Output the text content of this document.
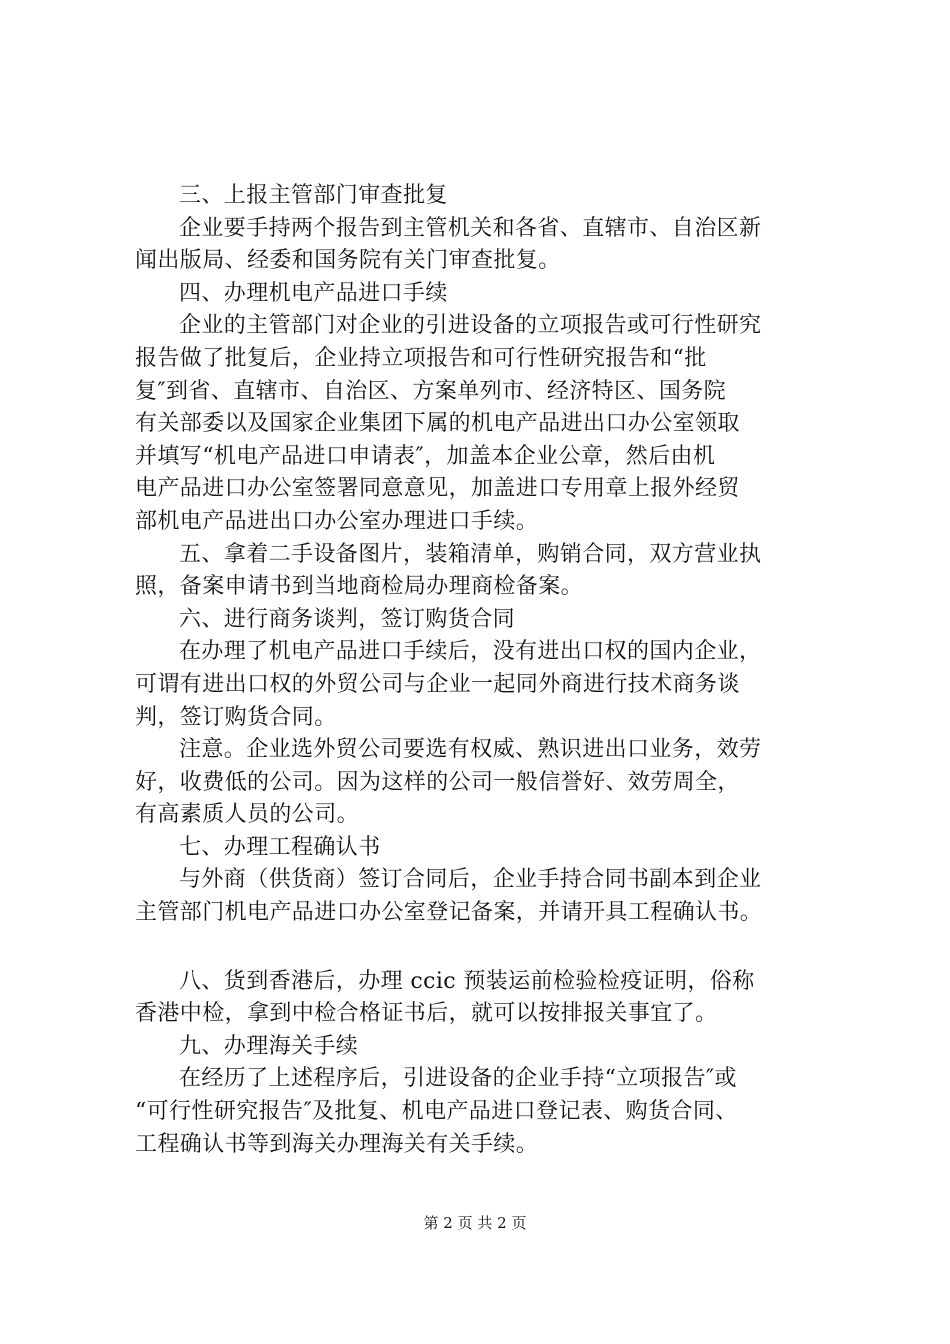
三、上报主管部门审查批复
企业要手持两个报告到主管机关和各省、直辖市、自治区新
闻出版局、经委和国务院有关门审查批复。
四、办理机电产品进口手续
企业的主管部门对企业的引进设备的立项报告或可行性研究
报告做了批复后，企业持立项报告和可行性研究报告和“批
复″到省、直辖市、自治区、方案单列市、经济特区、国务院
有关部委以及国家企业集团下属的机电产品进出口办公室领取
并填写“机电产品进口申请表″，加盖本企业公章，然后由机
电产品进口办公室签署同意意见，加盖进口专用章上报外经贸
部机电产品进出口办公室办理进口手续。
五、拿着二手设备图片，装箱清单，购销合同，双方营业执
照，备案申请书到当地商检局办理商检备案。
六、进行商务谈判，签订购货合同
在办理了机电产品进口手续后，没有进出口权的国内企业，
可谓有进出口权的外贸公司与企业一起同外商进行技术商务谈
判，签订购货合同。
注意。企业选外贸公司要选有权威、熟识进出口业务，效劳
好，收费低的公司。因为这样的公司一般信誉好、效劳周全，
有高素质人员的公司。
七、办理工程确认书
与外商（供货商）签订合同后，企业手持合同书副本到企业
主管部门机电产品进口办公室登记备案，并请开具工程确认书。
八、货到香港后，办理 ccic 预装运前检验检疫证明，俗称
香港中检，拿到中检合格证书后，就可以按排报关事宜了。
九、办理海关手续
在经历了上述程序后，引进设备的企业手持“立项报告″或
“可行性研究报告″及批复、机电产品进口登记表、购货合同、
工程确认书等到海关办理海关有关手续。
第 2 页 共 2 页
